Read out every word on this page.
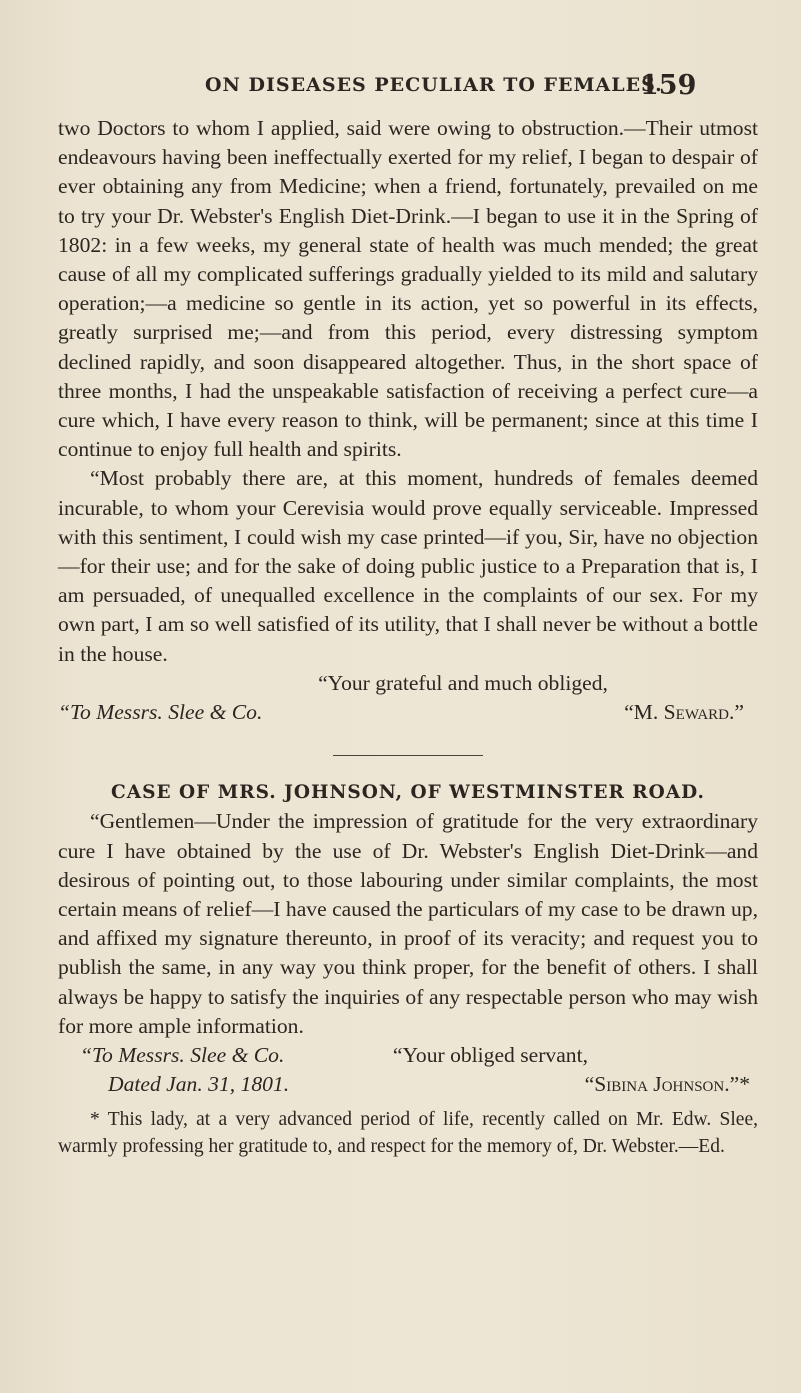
ON DISEASES PECULIAR TO FEMALES.
159

two Doctors to whom I applied, said were owing to obstruction.—Their utmost endeavours having been ineffectually exerted for my relief, I began to despair of ever obtaining any from Medicine; when a friend, fortunately, prevailed on me to try your Dr. Webster's English Diet-Drink.—I began to use it in the Spring of 1802: in a few weeks, my general state of health was much mended; the great cause of all my complicated sufferings gradually yielded to its mild and salutary operation;—a medicine so gentle in its action, yet so powerful in its effects, greatly surprised me;—and from this period, every distressing symptom declined rapidly, and soon disappeared altogether. Thus, in the short space of three months, I had the unspeakable satisfaction of receiving a perfect cure—a cure which, I have every reason to think, will be permanent; since at this time I continue to enjoy full health and spirits.

“Most probably there are, at this moment, hundreds of females deemed incurable, to whom your Cerevisia would prove equally serviceable. Impressed with this sentiment, I could wish my case printed—if you, Sir, have no objection—for their use; and for the sake of doing public justice to a Preparation that is, I am persuaded, of unequalled excellence in the complaints of our sex. For my own part, I am so well satisfied of its utility, that I shall never be without a bottle in the house.

“Your grateful and much obliged,

“To Messrs. Slee & Co.	“M. Seward.”

CASE OF MRS. JOHNSON, OF WESTMINSTER ROAD.

“Gentlemen—Under the impression of gratitude for the very extraordinary cure I have obtained by the use of Dr. Webster's English Diet-Drink—and desirous of pointing out, to those labouring under similar complaints, the most certain means of relief—I have caused the particulars of my case to be drawn up, and affixed my signature thereunto, in proof of its veracity; and request you to publish the same, in any way you think proper, for the benefit of others. I shall always be happy to satisfy the inquiries of any respectable person who may wish for more ample information.

“To Messrs. Slee & Co.	“Your obliged servant,
Dated Jan. 31, 1801.	“Sibina Johnson.”*

* This lady, at a very advanced period of life, recently called on Mr. Edw. Slee, warmly professing her gratitude to, and respect for the memory of, Dr. Webster.—Ed.
